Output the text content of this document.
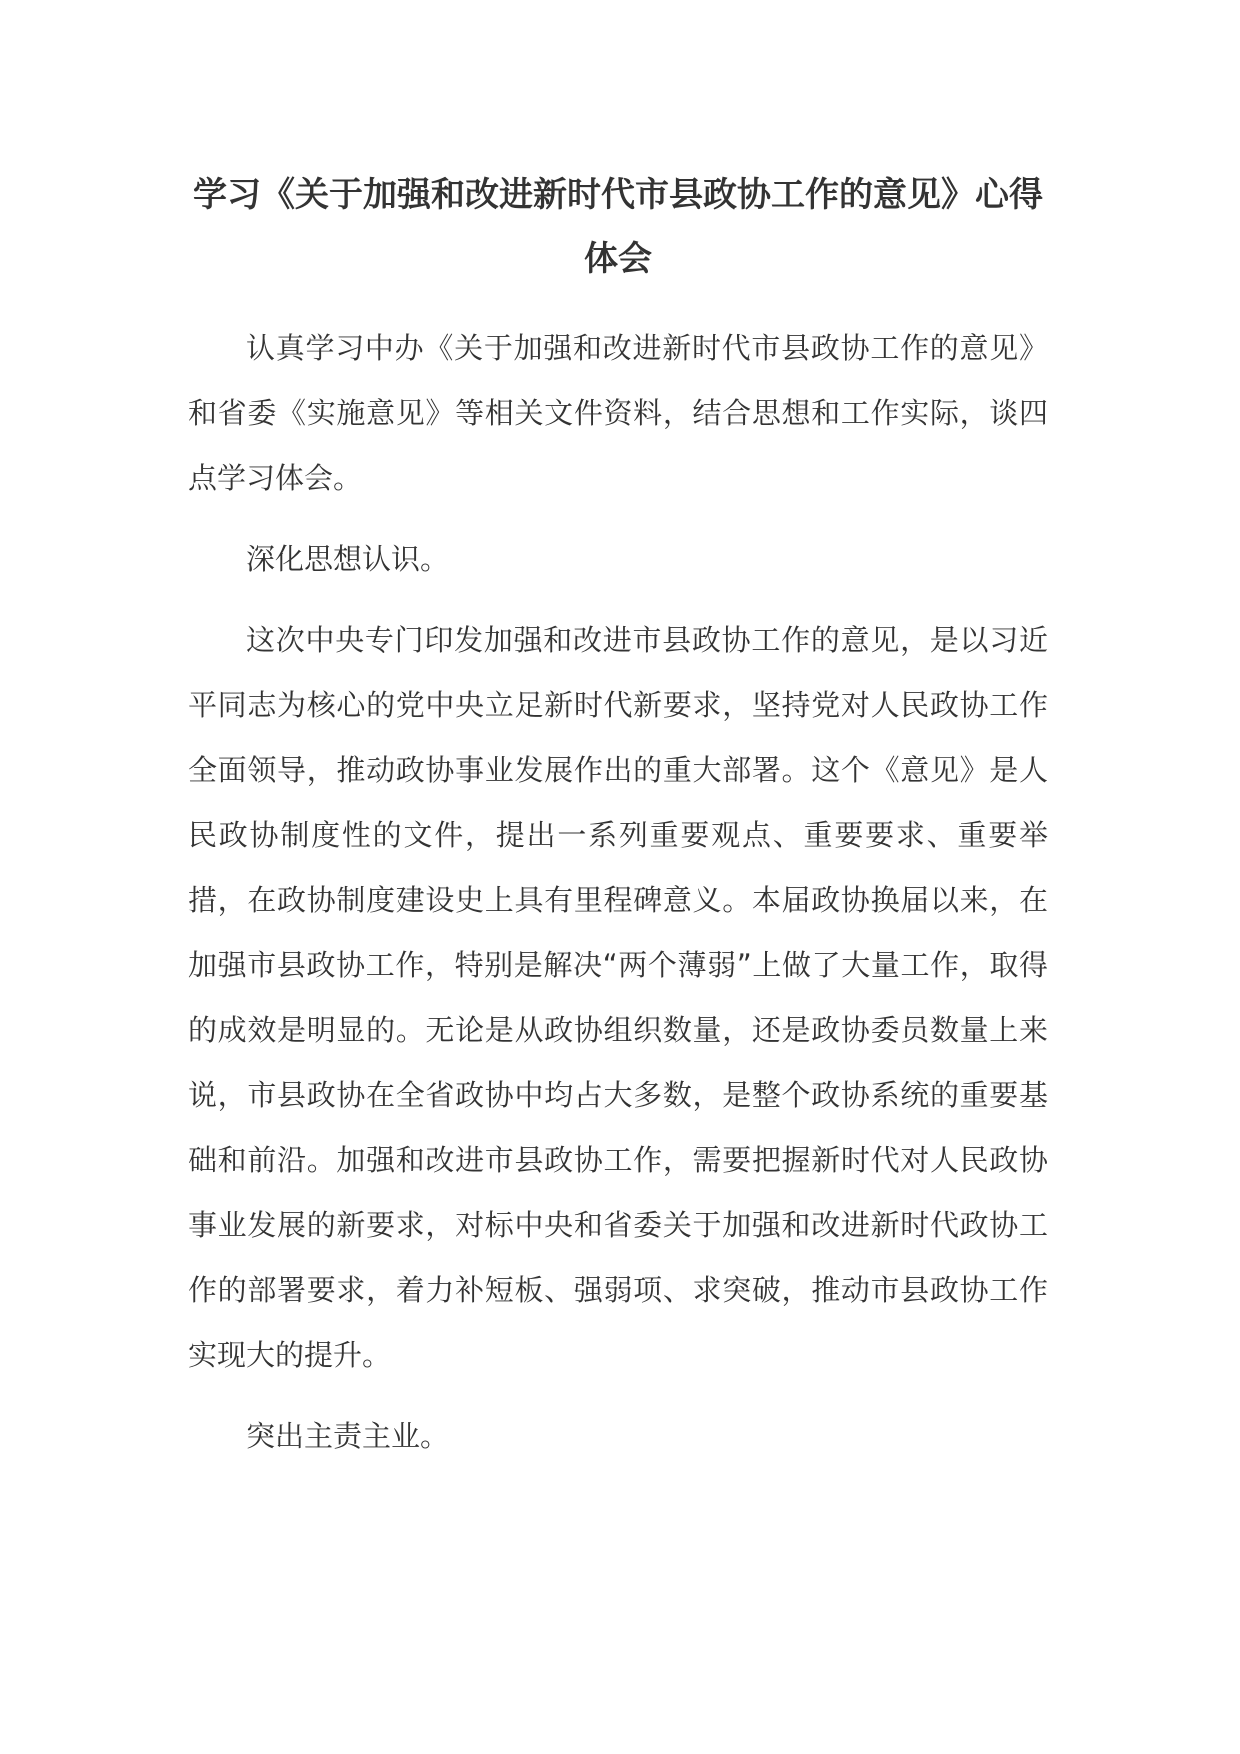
学习《关于加强和改进新时代市县政协工作的意见》心得体会

认真学习中办《关于加强和改进新时代市县政协工作的意见》和省委《实施意见》等相关文件资料，结合思想和工作实际，谈四点学习体会。

深化思想认识。

这次中央专门印发加强和改进市县政协工作的意见，是以习近平同志为核心的党中央立足新时代新要求，坚持党对人民政协工作全面领导，推动政协事业发展作出的重大部署。这个《意见》是人民政协制度性的文件，提出一系列重要观点、重要要求、重要举措，在政协制度建设史上具有里程碑意义。本届政协换届以来，在加强市县政协工作，特别是解决“两个薄弱”上做了大量工作，取得的成效是明显的。无论是从政协组织数量，还是政协委员数量上来说，市县政协在全省政协中均占大多数，是整个政协系统的重要基础和前沿。加强和改进市县政协工作，需要把握新时代对人民政协事业发展的新要求，对标中央和省委关于加强和改进新时代政协工作的部署要求，着力补短板、强弱项、求突破，推动市县政协工作实现大的提升。

突出主责主业。
